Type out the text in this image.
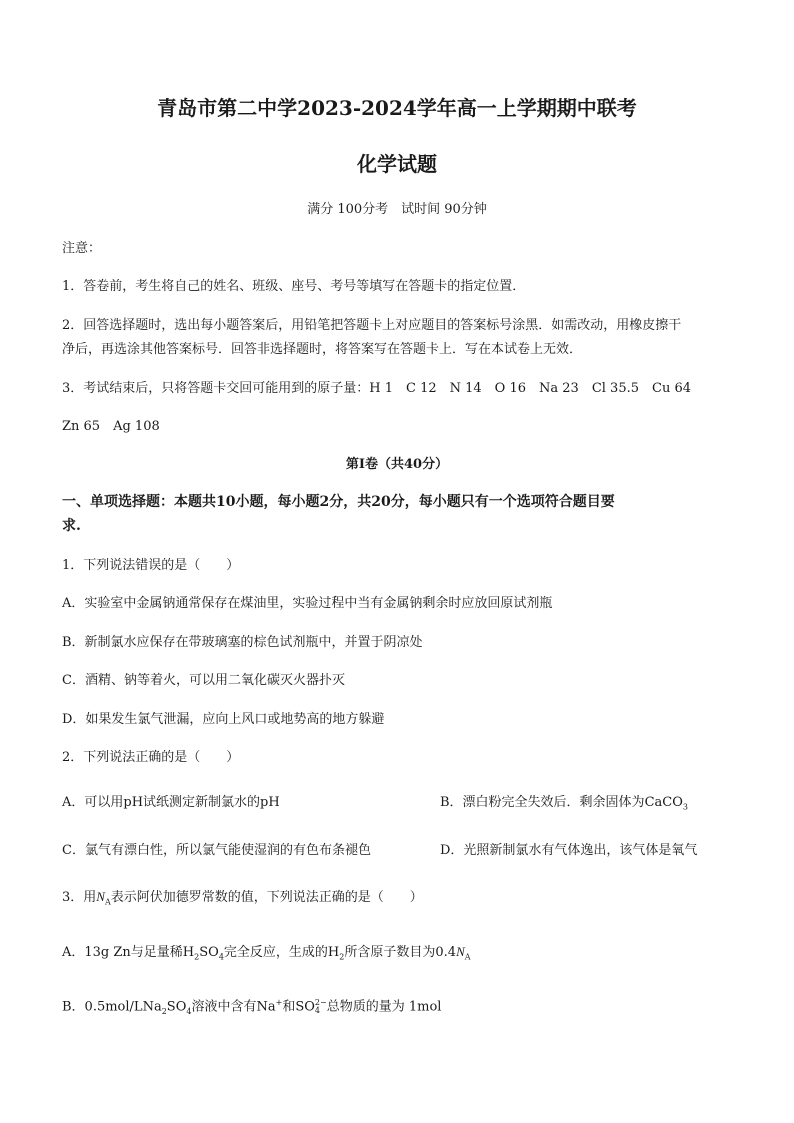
青岛市第二中学2023-2024学年高一上学期期中联考
化学试题
满分 100分考　试时间 90分钟
注意：
1．答卷前，考生将自己的姓名、班级、座号、考号等填写在答题卡的指定位置．
2．回答选择题时，选出每小题答案后，用铅笔把答题卡上对应题目的答案标号涂黑．如需改动，用橡皮擦干
净后，再选涂其他答案标号．回答非选择题时，将答案写在答题卡上．写在本试卷上无效．
3．考试结束后，只将答题卡交回可能用到的原子量：H 1　C 12　N 14　O 16　Na 23　Cl 35.5　Cu 64
Zn 65　Ag 108
第Ⅰ卷（共40分）
一、单项选择题：本题共10小题，每小题2分，共20分，每小题只有一个选项符合题目要
求.
1．下列说法错误的是（　　）
A．实验室中金属钠通常保存在煤油里，实验过程中当有金属钠剩余时应放回原试剂瓶
B．新制氯水应保存在带玻璃塞的棕色试剂瓶中，并置于阴凉处
C．酒精、钠等着火，可以用二氧化碳灭火器扑灭
D．如果发生氯气泄漏，应向上风口或地势高的地方躲避
2．下列说法正确的是（　　）
A．可以用pH试纸测定新制氯水的pH	B．漂白粉完全失效后．剩余固体为CaCO$_3$
C．氯气有漂白性，所以氯气能使湿润的有色布条褪色	D．光照新制氯水有气体逸出，该气体是氧气
3．用$N_A$表示阿伏加德罗常数的值，下列说法正确的是（　　）
A．13g Zn与足量稀$H_2SO_4$完全反应，生成的$H_2$所含原子数目为$0.4N_A$
B．$0.5mol/LNa_2SO_4$溶液中含有Na+和SO 2−
4 总物质的量为 1mol
